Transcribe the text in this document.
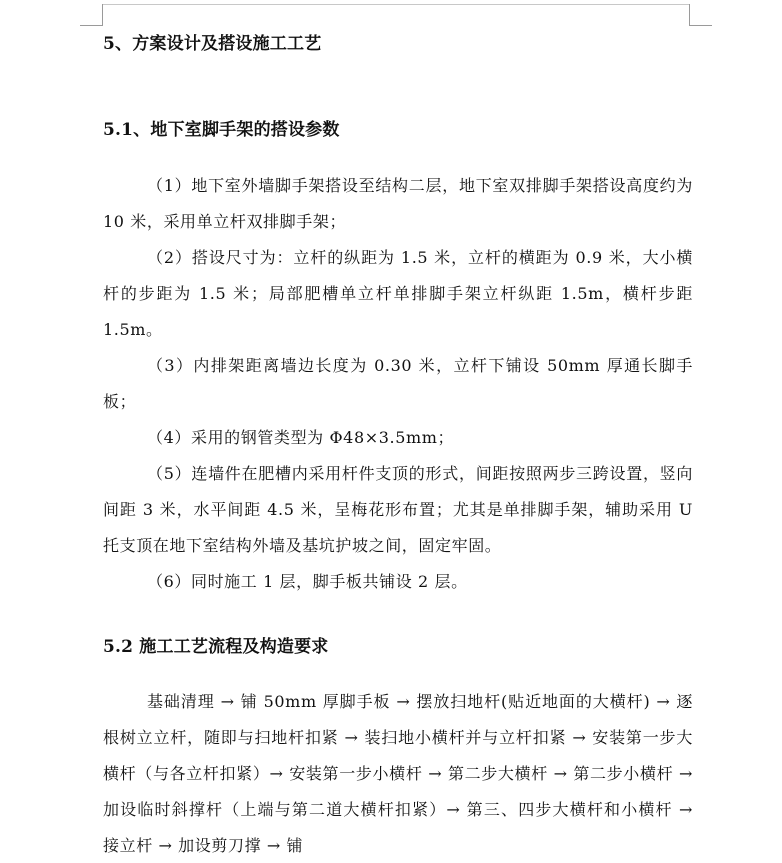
5、方案设计及搭设施工工艺
5.1、地下室脚手架的搭设参数
（1）地下室外墙脚手架搭设至结构二层，地下室双排脚手架搭设高度约为 10 米，采用单立杆双排脚手架；
（2）搭设尺寸为：立杆的纵距为 1.5 米，立杆的横距为 0.9 米，大小横杆的步距为 1.5 米；局部肥槽单立杆单排脚手架立杆纵距 1.5m，横杆步距 1.5m。
（3）内排架距离墙边长度为 0.30 米，立杆下铺设 50mm 厚通长脚手板；
（4）采用的钢管类型为 Φ48×3.5mm；
（5）连墙件在肥槽内采用杆件支顶的形式，间距按照两步三跨设置，竖向间距 3 米，水平间距 4.5 米，呈梅花形布置；尤其是单排脚手架，辅助采用 U 托支顶在地下室结构外墙及基坑护坡之间，固定牢固。
（6）同时施工 1 层，脚手板共铺设 2 层。
5.2 施工工艺流程及构造要求
基础清理 → 铺 50mm 厚脚手板 → 摆放扫地杆(贴近地面的大横杆) → 逐根树立立杆，随即与扫地杆扣紧 → 装扫地小横杆并与立杆扣紧 → 安装第一步大横杆（与各立杆扣紧）→ 安装第一步小横杆 → 第二步大横杆 → 第二步小横杆 → 加设临时斜撑杆（上端与第二道大横杆扣紧）→ 第三、四步大横杆和小横杆 → 接立杆 → 加设剪刀撑 → 铺
